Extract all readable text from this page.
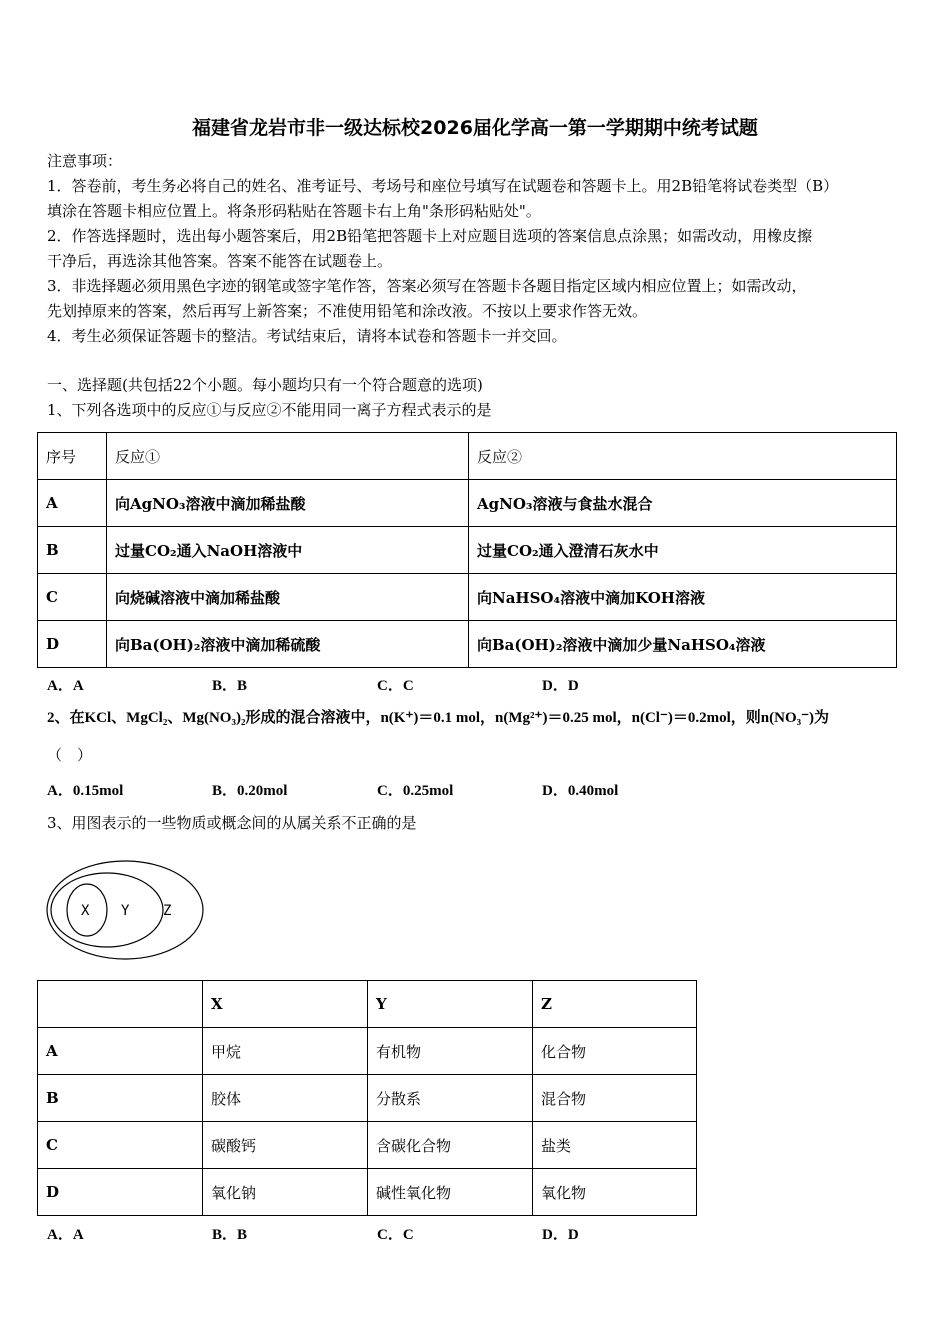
福建省龙岩市非一级达标校2026届化学高一第一学期期中统考试题
注意事项：
1．答卷前，考生务必将自己的姓名、准考证号、考场号和座位号填写在试题卷和答题卡上。用2B铅笔将试卷类型（B）
填涂在答题卡相应位置上。将条形码粘贴在答题卡右上角"条形码粘贴处"。
2．作答选择题时，选出每小题答案后，用2B铅笔把答题卡上对应题目选项的答案信息点涂黑；如需改动，用橡皮擦
干净后，再选涂其他答案。答案不能答在试题卷上。
3．非选择题必须用黑色字迹的钢笔或签字笔作答，答案必须写在答题卡各题目指定区域内相应位置上；如需改动，
先划掉原来的答案，然后再写上新答案；不准使用铅笔和涂改液。不按以上要求作答无效。
4．考生必须保证答题卡的整洁。考试结束后，请将本试卷和答题卡一并交回。
一、选择题(共包括22个小题。每小题均只有一个符合题意的选项)
1、下列各选项中的反应①与反应②不能用同一离子方程式表示的是
序号	反应①	反应②
A	向AgNO₃溶液中滴加稀盐酸	AgNO₃溶液与食盐水混合
B	过量CO₂通入NaOH溶液中	过量CO₂通入澄清石灰水中
C	向烧碱溶液中滴加稀盐酸	向NaHSO₄溶液中滴加KOH溶液
D	向Ba(OH)₂溶液中滴加稀硫酸	向Ba(OH)₂溶液中滴加少量NaHSO₄溶液
A．A	B．B	C．C	D．D
2、在KCl、MgCl₂、Mg(NO₃)₂形成的混合溶液中，n(K⁺)＝0.1 mol，n(Mg²⁺)＝0.25 mol，n(Cl⁻)＝0.2mol，则n(NO₃⁻)为
（　）
A．0.15mol	B．0.20mol	C．0.25mol	D．0.40mol
3、用图表示的一些物质或概念间的从属关系不正确的是
X Y Z
	X	Y	Z
A	甲烷	有机物	化合物
B	胶体	分散系	混合物
C	碳酸钙	含碳化合物	盐类
D	氧化钠	碱性氧化物	氧化物
A．A	B．B	C．C	D．D
